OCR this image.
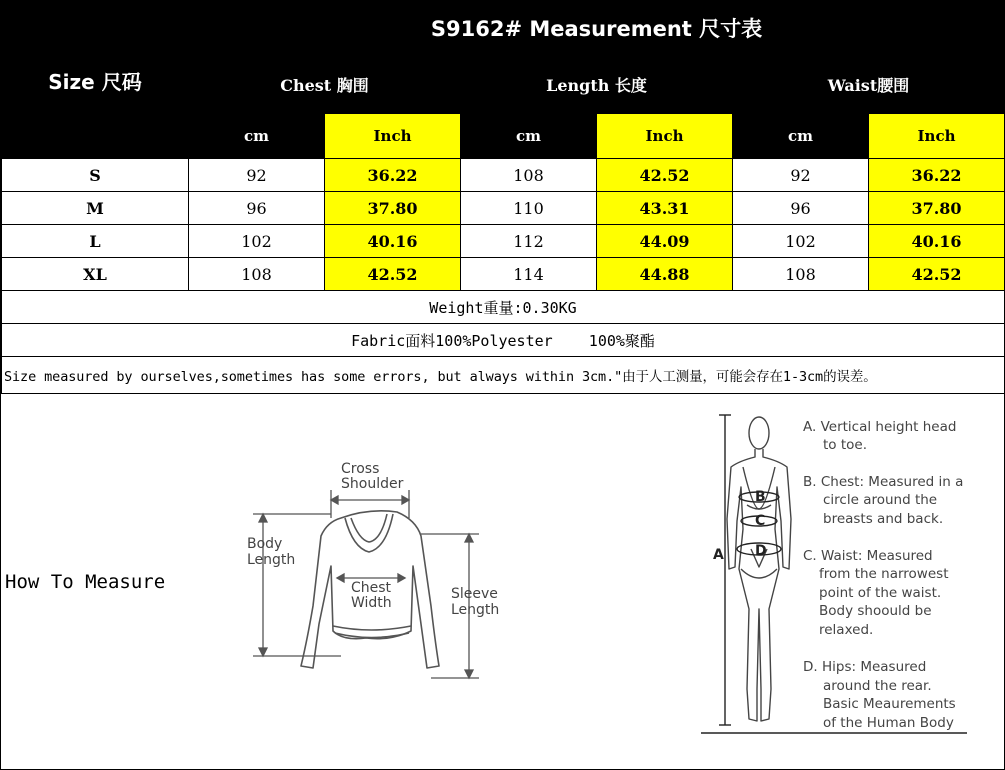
Size 尺码	S9162# Measurement 尺寸表					
	Chest 胸围		Length 长度		Waist腰围	
	cm	Inch	cm	Inch	cm	Inch
S	92	36.22	108	42.52	92	36.22
M	96	37.80	110	43.31	96	37.80
L	102	40.16	112	44.09	102	40.16
XL	108	42.52	114	44.88	108	42.52
Weight重量:0.30KG						
Fabric面料100%Polyester    100%聚酯						
Size measured by ourselves,sometimes has some errors, but always within 3cm."由于人工测量，可能会存在1-3cm的误差。						
How To Measure
Cross
Shoulder
Body
Length
Chest
Width
Sleeve
Length
A
B
C
D
A. Vertical height head
to toe.
B. Chest: Measured in a
circle around the
breasts and back.
C. Waist: Measured
from the narrowest
point of the waist.
Body shoould be
relaxed.
D. Hips: Measured
around the rear.
Basic Meaurements
of the Human Body
